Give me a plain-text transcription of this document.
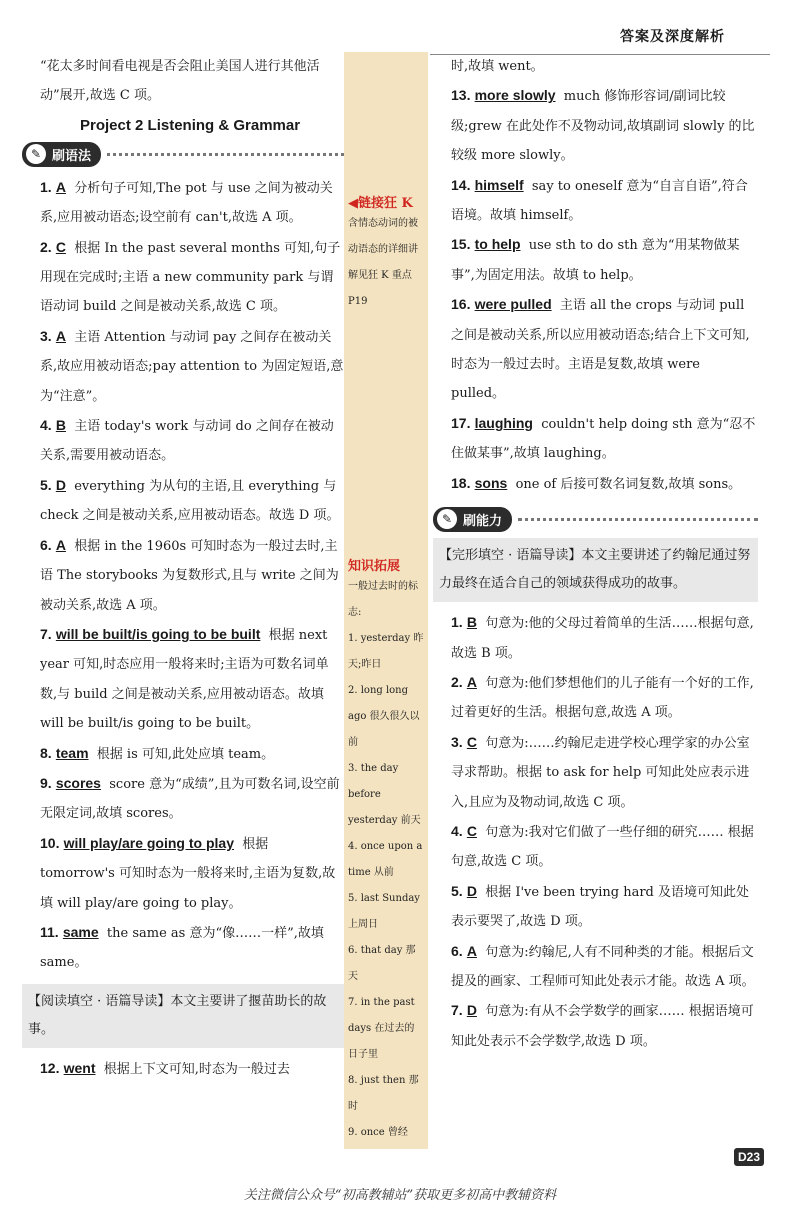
答案及深度解析

“花太多时间看电视是否会阻止美国人进行其他活动”展开,故选 C 项。

Project 2 Listening & Grammar
✎ 刷语法

1. A 分析句子可知,The pot 与 use 之间为被动关系,应用被动语态;设空前有 can't,故选 A 项。

2. C 根据 In the past several months 可知,句子用现在完成时;主语 a new community park 与谓语动词 build 之间是被动关系,故选 C 项。

3. A 主语 Attention 与动词 pay 之间存在被动关系,故应用被动语态;pay attention to 为固定短语,意为“注意”。

4. B 主语 today's work 与动词 do 之间存在被动关系,需要用被动语态。

5. D everything 为从句的主语,且 everything 与 check 之间是被动关系,应用被动语态。故选 D 项。

6. A 根据 in the 1960s 可知时态为一般过去时,主语 The storybooks 为复数形式,且与 write 之间为被动关系,故选 A 项。

7. will be built/is going to be built 根据 next year 可知,时态应用一般将来时;主语为可数名词单数,与 build 之间是被动关系,应用被动语态。故填 will be built/is going to be built。

8. team 根据 is 可知,此处应填 team。

9. scores score 意为“成绩”,且为可数名词,设空前无限定词,故填 scores。

10. will play/are going to play 根据 tomorrow's 可知时态为一般将来时,主语为复数,故填 will play/are going to play。

11. same the same as 意为“像……一样”,故填 same。

【阅读填空 · 语篇导读】本文主要讲了揠苗助长的故事。

12. went 根据上下文可知,时态为一般过去

◀链接狂 K
含情态动词的被动语态的详细讲解见狂 K 重点 P19
知识拓展
一般过去时的标志:
1. yesterday 昨天;昨日
2. long long ago 很久很久以前
3. the day before yesterday 前天
4. once upon a time 从前
5. last Sunday 上周日
6. that day 那天
7. in the past days 在过去的日子里
8. just then 那时
9. once 曾经

时,故填 went。

13. more slowly much 修饰形容词/副词比较级;grew 在此处作不及物动词,故填副词 slowly 的比较级 more slowly。

14. himself say to oneself 意为“自言自语”,符合语境。故填 himself。

15. to help use sth to do sth 意为“用某物做某事”,为固定用法。故填 to help。

16. were pulled 主语 all the crops 与动词 pull 之间是被动关系,所以应用被动语态;结合上下文可知,时态为一般过去时。主语是复数,故填 were pulled。

17. laughing couldn't help doing sth 意为“忍不住做某事”,故填 laughing。

18. sons one of 后接可数名词复数,故填 sons。

✎ 刷能力
【完形填空 · 语篇导读】本文主要讲述了约翰尼通过努力最终在适合自己的领域获得成功的故事。

1. B 句意为:他的父母过着简单的生活……根据句意,故选 B 项。

2. A 句意为:他们梦想他们的儿子能有一个好的工作,过着更好的生活。根据句意,故选 A 项。

3. C 句意为:……约翰尼走进学校心理学家的办公室寻求帮助。根据 to ask for help 可知此处应表示进入,且应为及物动词,故选 C 项。

4. C 句意为:我对它们做了一些仔细的研究…… 根据句意,故选 C 项。

5. D 根据 I've been trying hard 及语境可知此处表示要哭了,故选 D 项。

6. A 句意为:约翰尼,人有不同种类的才能。根据后文提及的画家、工程师可知此处表示才能。故选 A 项。

7. D 句意为:有从不会学数学的画家…… 根据语境可知此处表示不会学数学,故选 D 项。

D23
关注微信公众号“初高教辅站”获取更多初高中教辅资料
